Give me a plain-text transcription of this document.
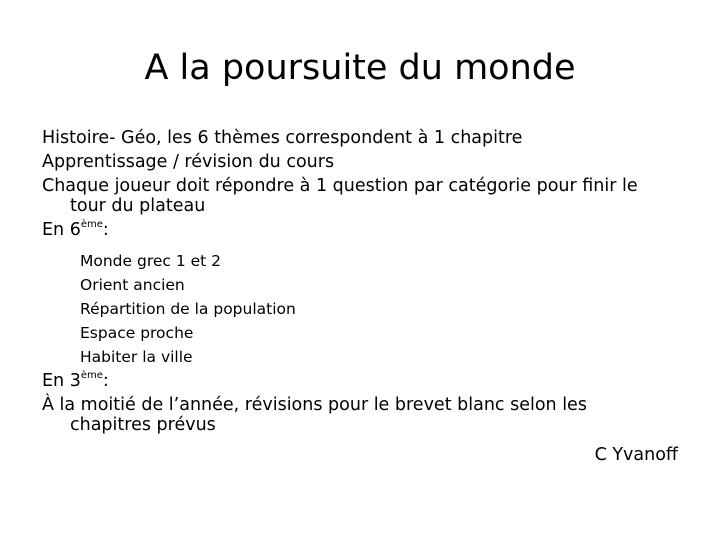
A la poursuite du monde
Histoire- Géo, les 6 thèmes correspondent à 1 chapitre
Apprentissage / révision du cours
Chaque joueur doit répondre à 1 question par catégorie pour finir le
tour du plateau
En 6ème:
Monde grec 1 et 2
Orient ancien
Répartition de la population
Espace proche
Habiter la ville
En 3ème:
À la moitié de l’année, révisions pour le brevet blanc selon les
chapitres prévus
C Yvanoff
